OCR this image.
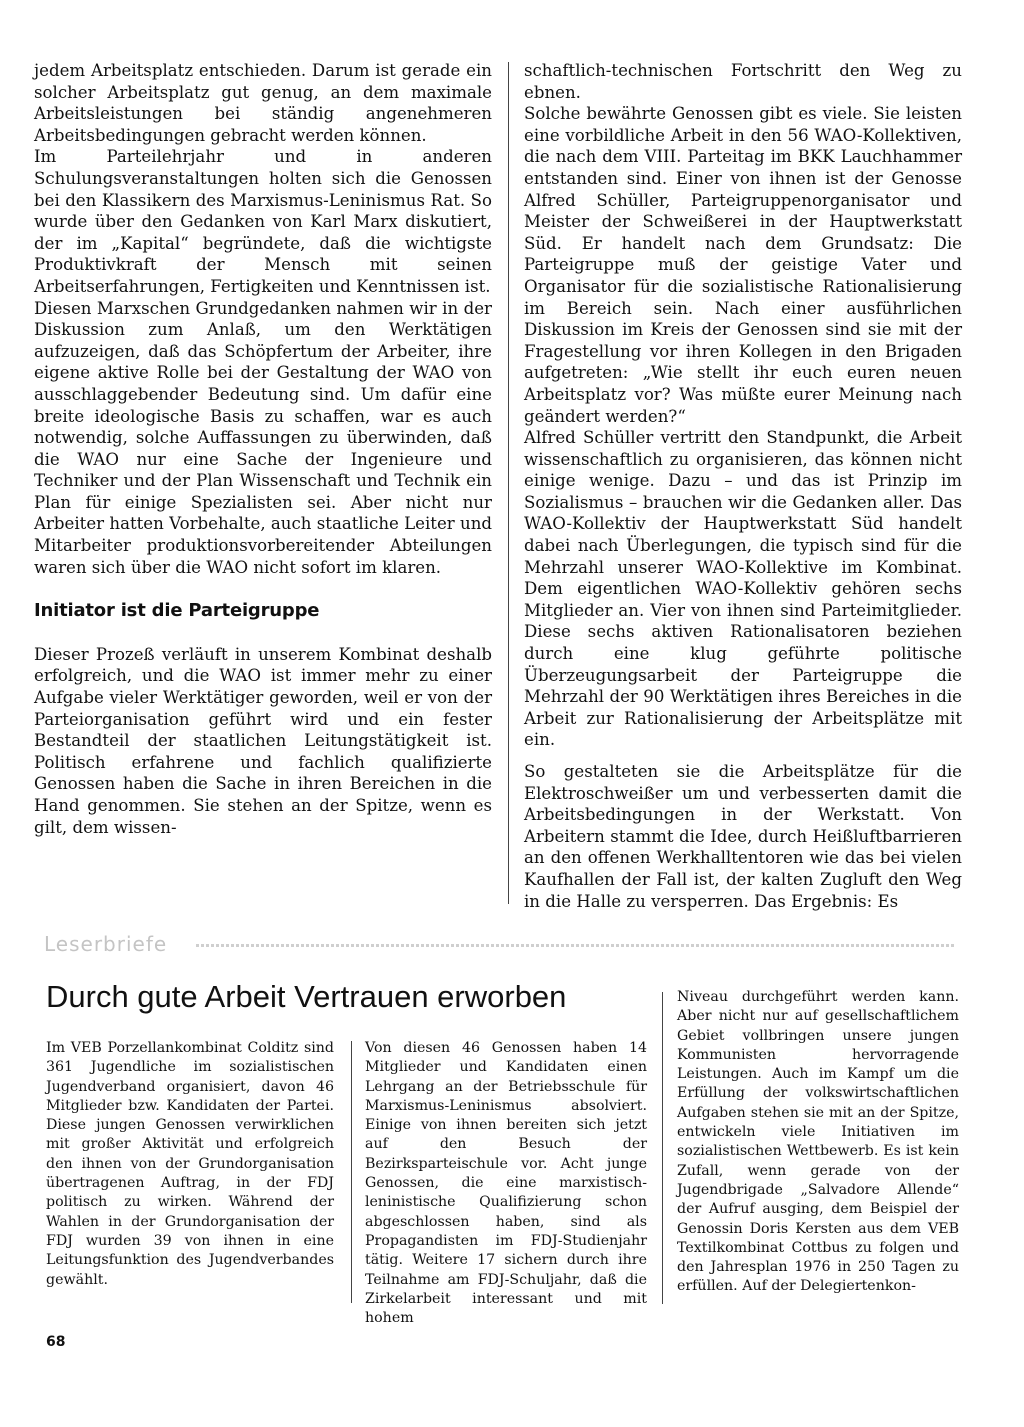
jedem Arbeitsplatz entschieden. Darum ist gerade ein solcher Arbeitsplatz gut genug, an dem maximale Arbeitsleistungen bei ständig angenehmeren Arbeitsbedingungen gebracht werden können.

Im Parteilehrjahr und in anderen Schulungsveranstaltungen holten sich die Genossen bei den Klassikern des Marxismus-Leninismus Rat. So wurde über den Gedanken von Karl Marx diskutiert, der im „Kapital“ begründete, daß die wichtigste Produktivkraft der Mensch mit seinen Arbeitserfahrungen, Fertigkeiten und Kenntnissen ist.

Diesen Marxschen Grundgedanken nahmen wir in der Diskussion zum Anlaß, um den Werktätigen aufzuzeigen, daß das Schöpfertum der Arbeiter, ihre eigene aktive Rolle bei der Gestaltung der WAO von ausschlaggebender Bedeutung sind. Um dafür eine breite ideologische Basis zu schaffen, war es auch notwendig, solche Auffassungen zu überwinden, daß die WAO nur eine Sache der Ingenieure und Techniker und der Plan Wissenschaft und Technik ein Plan für einige Spezialisten sei. Aber nicht nur Arbeiter hatten Vorbehalte, auch staatliche Leiter und Mitarbeiter produktionsvorbereitender Abteilungen waren sich über die WAO nicht sofort im klaren.

Initiator ist die Parteigruppe

Dieser Prozeß verläuft in unserem Kombinat deshalb erfolgreich, und die WAO ist immer mehr zu einer Aufgabe vieler Werktätiger geworden, weil er von der Parteiorganisation geführt wird und ein fester Bestandteil der staatlichen Leitungstätigkeit ist. Politisch erfahrene und fachlich qualifizierte Genossen haben die Sache in ihren Bereichen in die Hand genommen. Sie stehen an der Spitze, wenn es gilt, dem wissen-

schaftlich-technischen Fortschritt den Weg zu ebnen.

Solche bewährte Genossen gibt es viele. Sie leisten eine vorbildliche Arbeit in den 56 WAO-Kollektiven, die nach dem VIII. Parteitag im BKK Lauchhammer entstanden sind. Einer von ihnen ist der Genosse Alfred Schüller, Parteigruppenorganisator und Meister der Schweißerei in der Hauptwerkstatt Süd. Er handelt nach dem Grundsatz: Die Parteigruppe muß der geistige Vater und Organisator für die sozialistische Rationalisierung im Bereich sein. Nach einer ausführlichen Diskussion im Kreis der Genossen sind sie mit der Fragestellung vor ihren Kollegen in den Brigaden aufgetreten: „Wie stellt ihr euch euren neuen Arbeitsplatz vor? Was müßte eurer Meinung nach geändert werden?“

Alfred Schüller vertritt den Standpunkt, die Arbeit wissenschaftlich zu organisieren, das können nicht einige wenige. Dazu – und das ist Prinzip im Sozialismus – brauchen wir die Gedanken aller. Das WAO-Kollektiv der Hauptwerkstatt Süd handelt dabei nach Überlegungen, die typisch sind für die Mehrzahl unserer WAO-Kollektive im Kombinat. Dem eigentlichen WAO-Kollektiv gehören sechs Mitglieder an. Vier von ihnen sind Parteimitglieder. Diese sechs aktiven Rationalisatoren beziehen durch eine klug geführte politische Überzeugungsarbeit der Parteigruppe die Mehrzahl der 90 Werktätigen ihres Bereiches in die Arbeit zur Rationalisierung der Arbeitsplätze mit ein.

So gestalteten sie die Arbeitsplätze für die Elektroschweißer um und verbesserten damit die Arbeitsbedingungen in der Werkstatt. Von Arbeitern stammt die Idee, durch Heißluftbarrieren an den offenen Werkhalltentoren wie das bei vielen Kaufhallen der Fall ist, der kalten Zugluft den Weg in die Halle zu versperren. Das Ergebnis: Es

Leserbriefe
Durch gute Arbeit Vertrauen erworben

Im VEB Porzellankombinat Colditz sind 361 Jugendliche im sozialistischen Jugendverband organisiert, davon 46 Mitglieder bzw. Kandidaten der Partei. Diese jungen Genossen verwirklichen mit großer Aktivität und erfolgreich den ihnen von der Grundorganisation übertragenen Auftrag, in der FDJ politisch zu wirken. Während der Wahlen in der Grundorganisation der FDJ wurden 39 von ihnen in eine Leitungsfunktion des Jugendverbandes gewählt.

Von diesen 46 Genossen haben 14 Mitglieder und Kandidaten einen Lehrgang an der Betriebsschule für Marxismus-Leninismus absolviert. Einige von ihnen bereiten sich jetzt auf den Besuch der Bezirksparteischule vor. Acht junge Genossen, die eine marxistisch-leninistische Qualifizierung schon abgeschlossen haben, sind als Propagandisten im FDJ-Studienjahr tätig. Weitere 17 sichern durch ihre Teilnahme am FDJ-Schuljahr, daß die Zirkelarbeit interessant und mit hohem

Niveau durchgeführt werden kann. Aber nicht nur auf gesellschaftlichem Gebiet vollbringen unsere jungen Kommunisten hervorragende Leistungen. Auch im Kampf um die Erfüllung der volkswirtschaftlichen Aufgaben stehen sie mit an der Spitze, entwickeln viele Initiativen im sozialistischen Wettbewerb. Es ist kein Zufall, wenn gerade von der Jugendbrigade „Salvadore Allende“ der Aufruf ausging, dem Beispiel der Genossin Doris Kersten aus dem VEB Textilkombinat Cottbus zu folgen und den Jahresplan 1976 in 250 Tagen zu erfüllen. Auf der Delegiertenkon-

68
